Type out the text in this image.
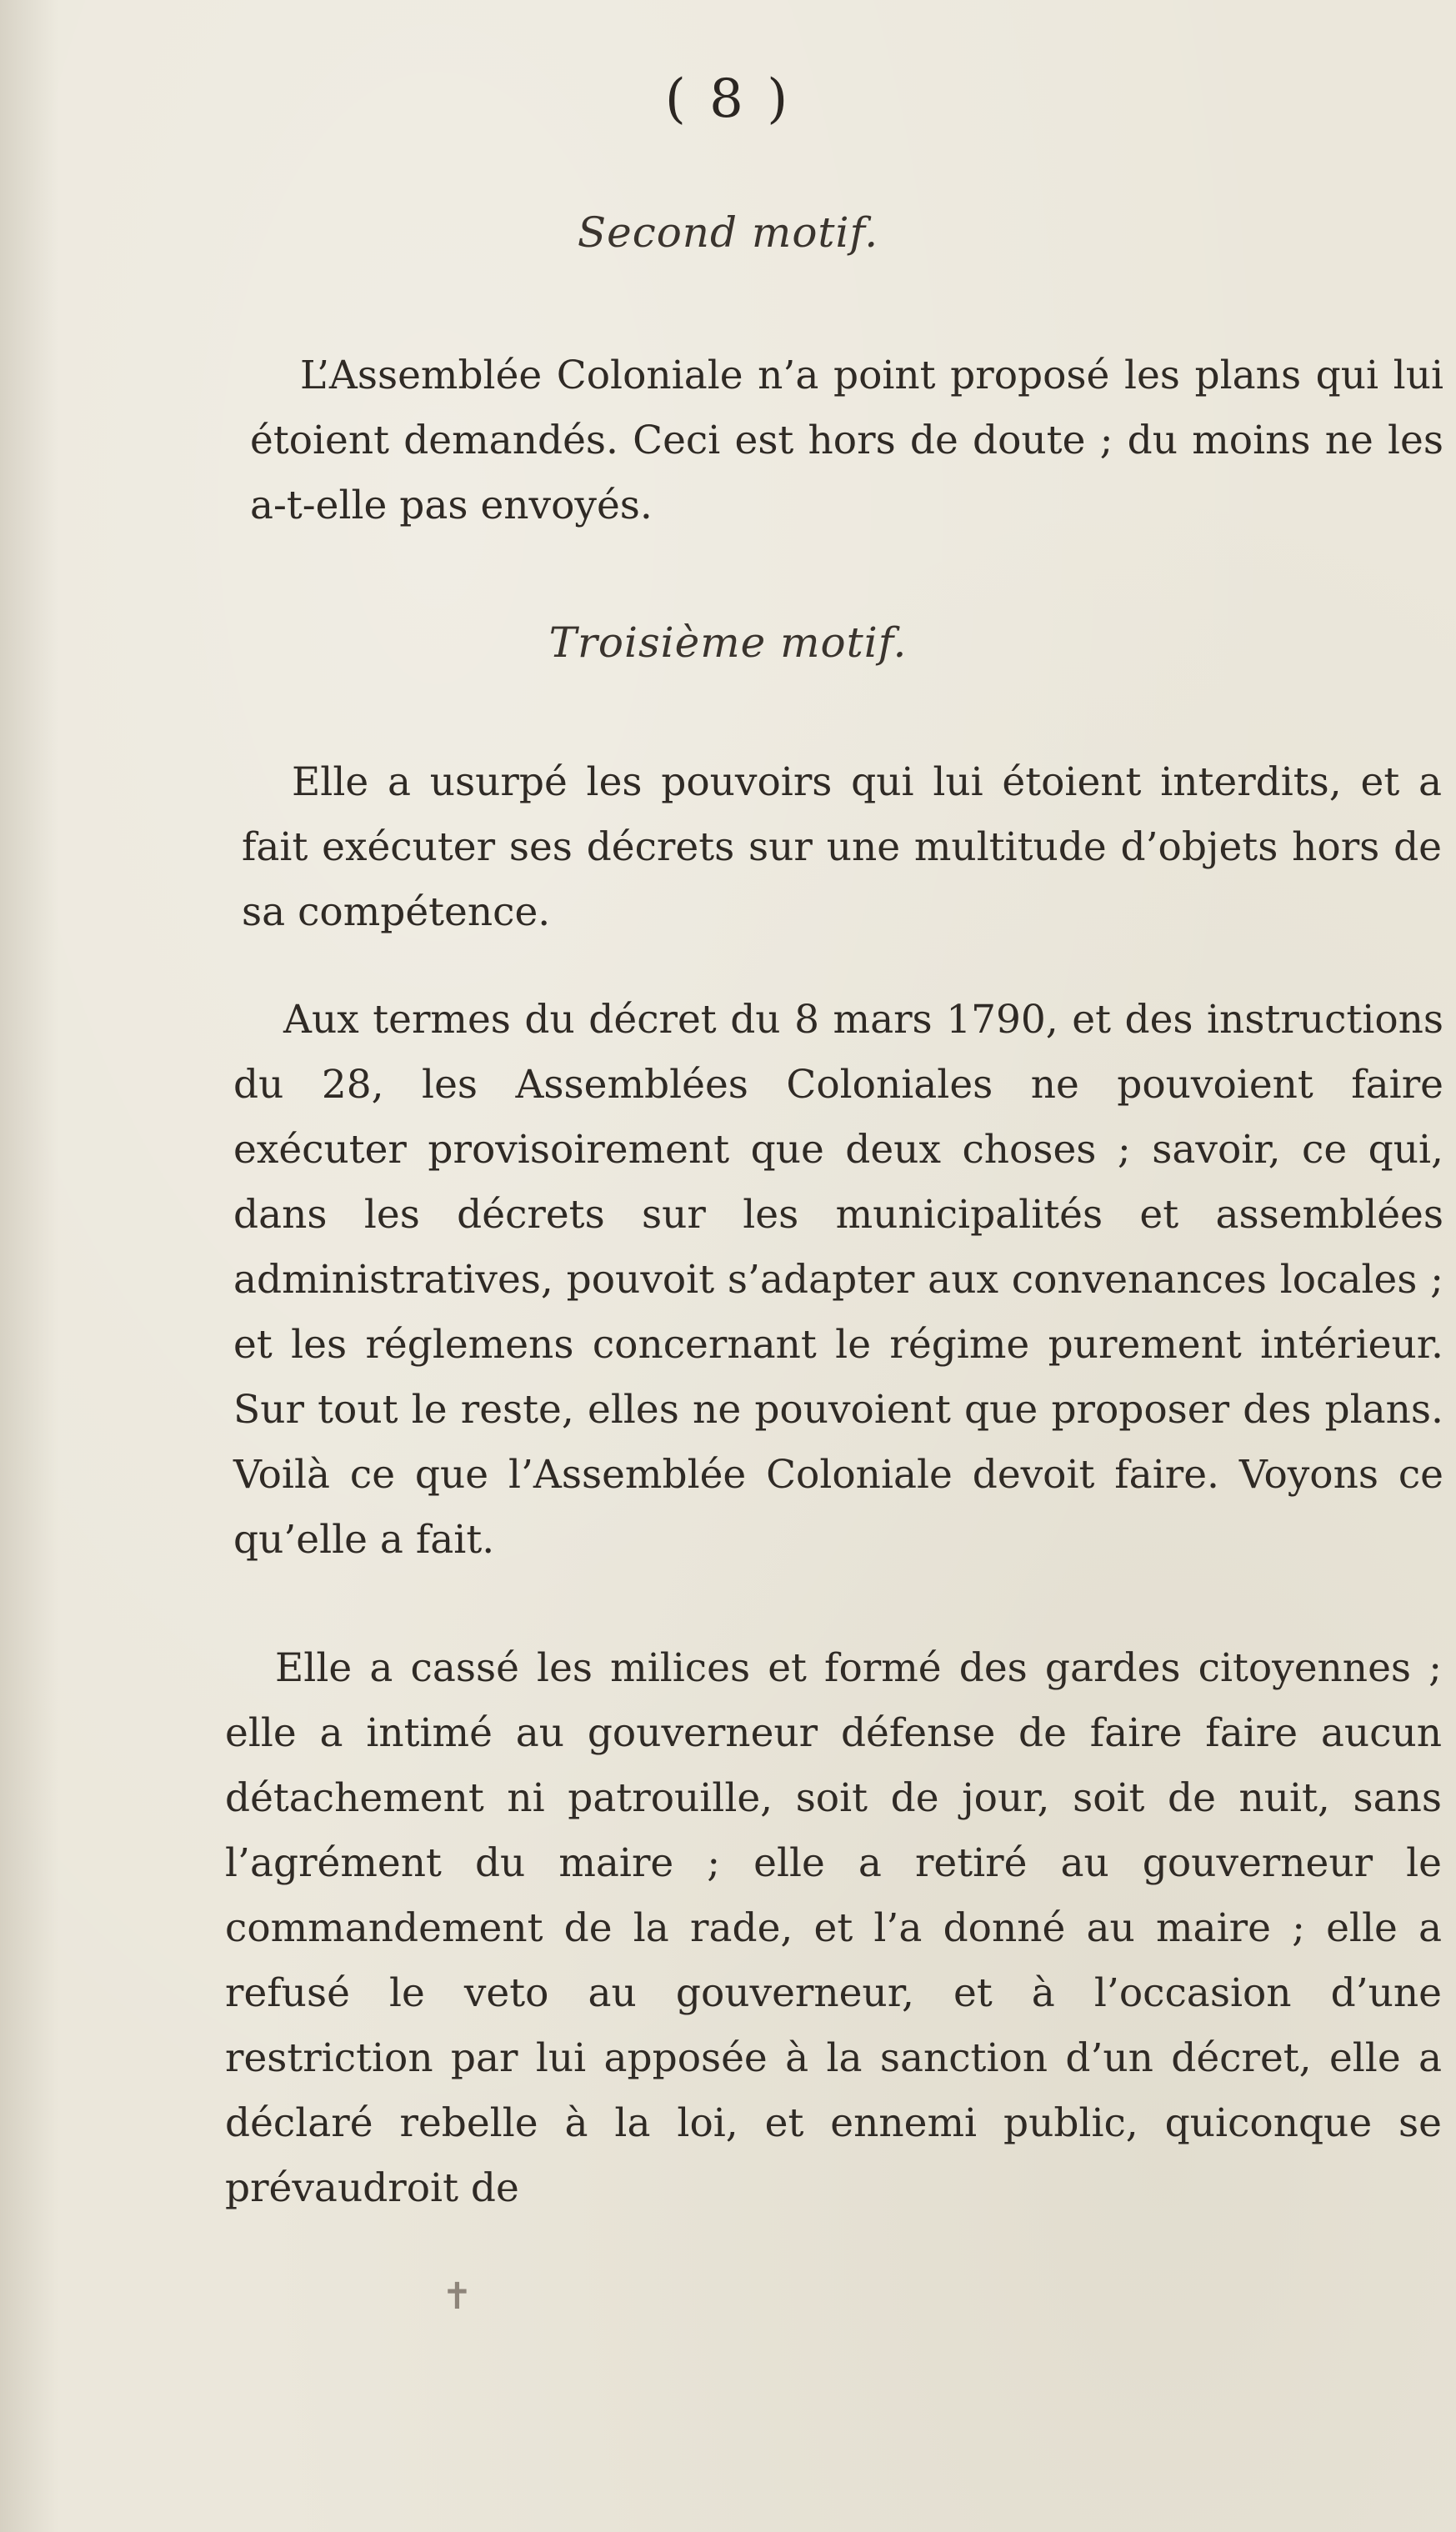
( 8 )
Second motif.

L’Assemblée Coloniale n’a point proposé les plans qui lui étoient demandés. Ceci est hors de doute ; du moins ne les a-t-elle pas envoyés.

Troisième motif.

Elle a usurpé les pouvoirs qui lui étoient interdits, et a fait exécuter ses décrets sur une multitude d’objets hors de sa compétence.

Aux termes du décret du 8 mars 1790, et des instructions du 28, les Assemblées Coloniales ne pouvoient faire exécuter provisoirement que deux choses ; savoir, ce qui, dans les décrets sur les municipalités et assemblées administratives, pouvoit s’adapter aux convenances locales ; et les réglemens concernant le régime purement intérieur. Sur tout le reste, elles ne pouvoient que proposer des plans. Voilà ce que l’Assemblée Coloniale devoit faire. Voyons ce qu’elle a fait.

Elle a cassé les milices et formé des gardes citoyennes ; elle a intimé au gouverneur défense de faire faire aucun détachement ni patrouille, soit de jour, soit de nuit, sans l’agrément du maire ; elle a retiré au gouverneur le commandement de la rade, et l’a donné au maire ; elle a refusé le veto au gouverneur, et à l’occasion d’une restriction par lui apposée à la sanction d’un décret, elle a déclaré rebelle à la loi, et ennemi public, quiconque se prévaudroit de

✝
